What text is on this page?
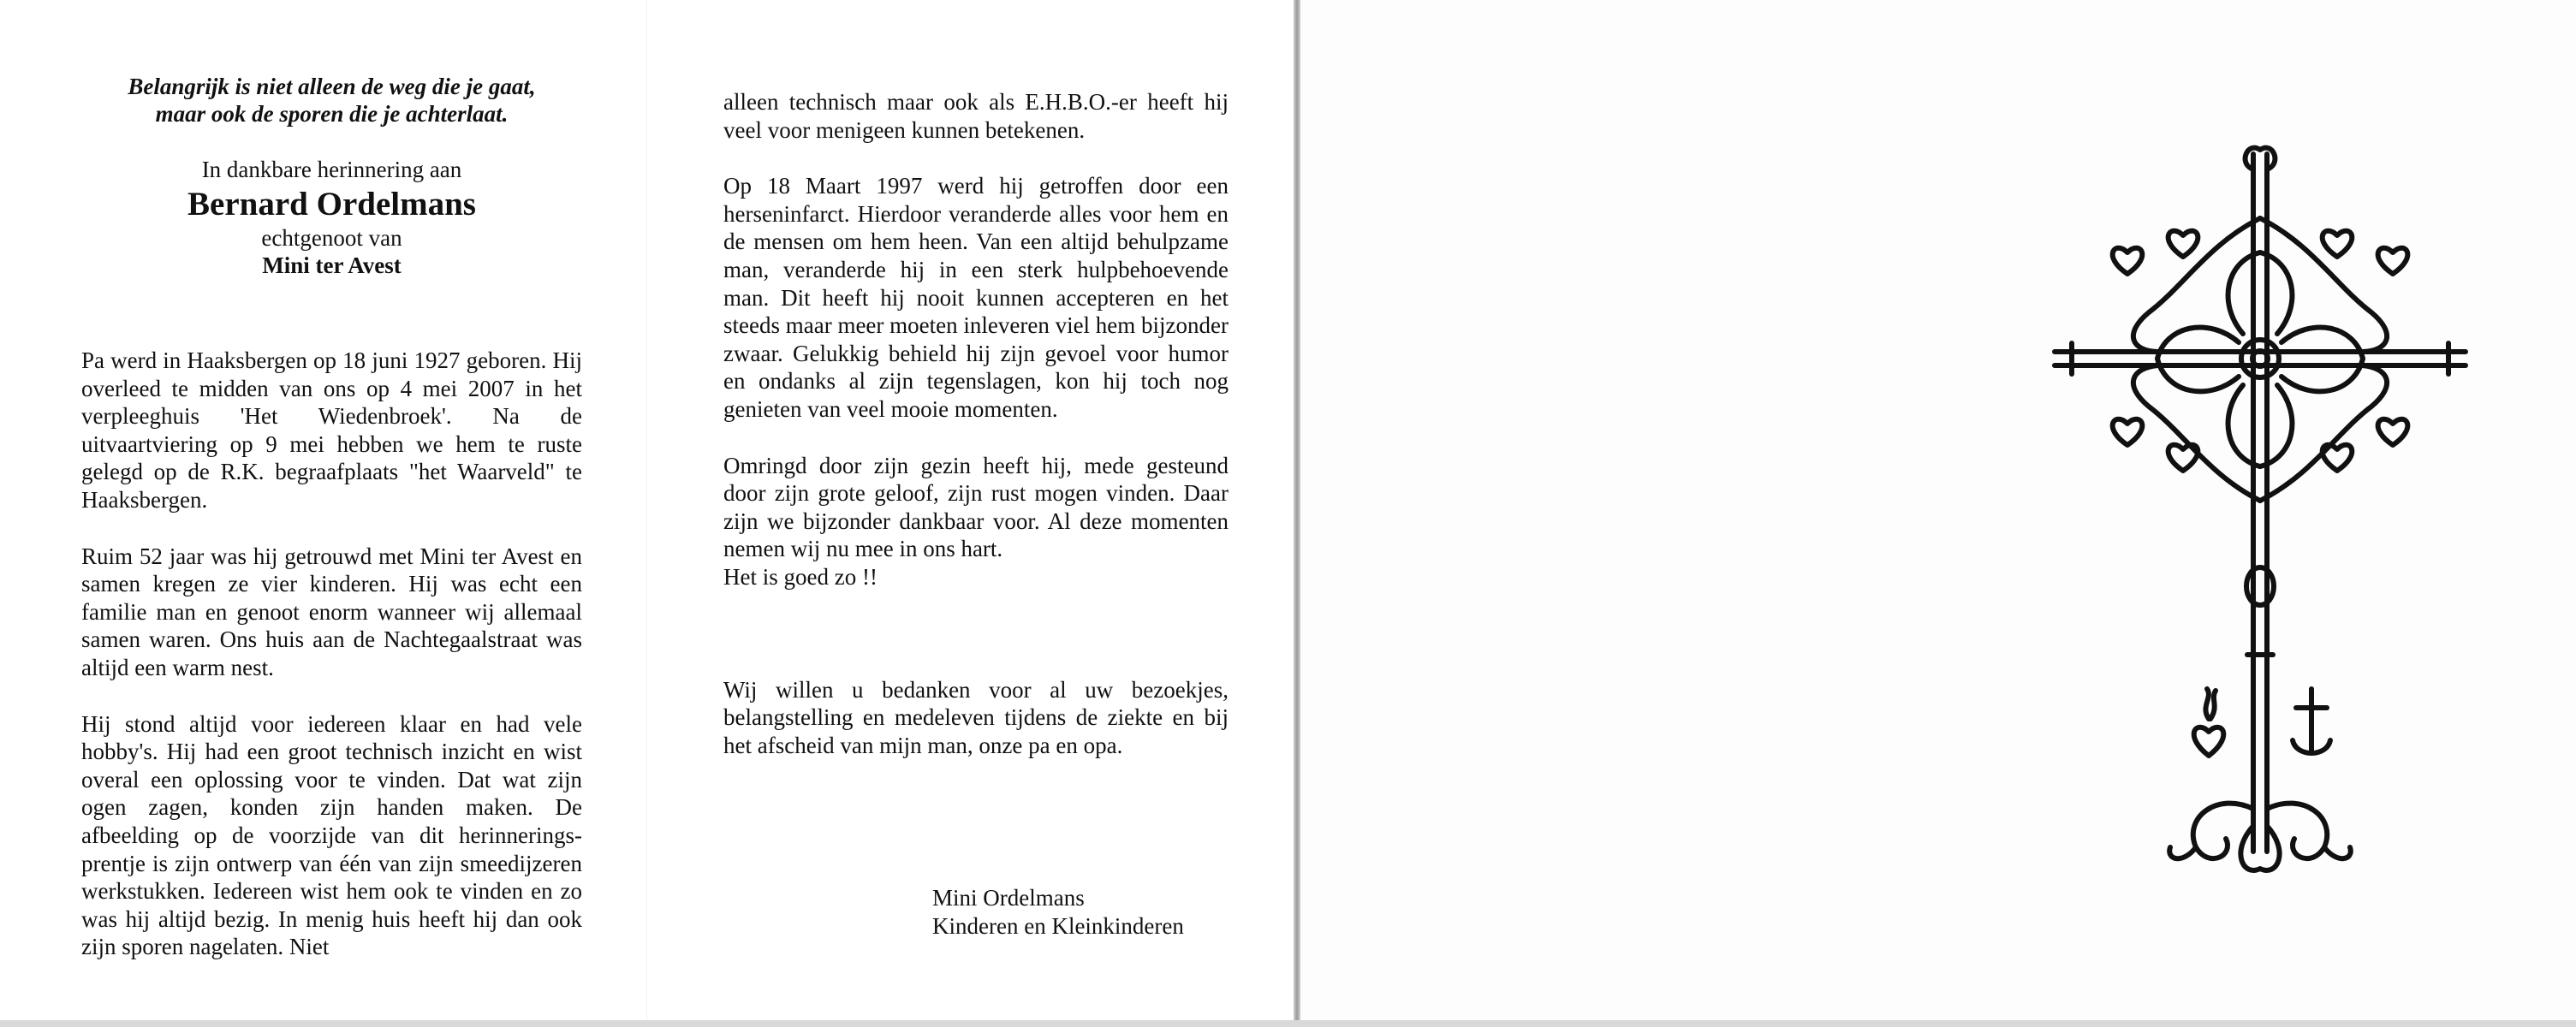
Belangrijk is niet alleen de weg die je gaat,

maar ook de sporen die je achterlaat.

In dankbare herinnering aan
Bernard Ordelmans
echtgenoot van
Mini ter Avest

Pa werd in Haaksbergen op 18 juni 1927 geboren. Hij overleed te midden van ons op 4 mei 2007 in het verpleeghuis 'Het Wiedenbroek'. Na de uitvaartviering op 9 mei hebben we hem te ruste gelegd op de R.K. begraafplaats "het Waarveld" te Haaksbergen.

Ruim 52 jaar was hij getrouwd met Mini ter Avest en samen kregen ze vier kinderen. Hij was echt een familie man en genoot enorm wanneer wij allemaal samen waren. Ons huis aan de Nachtegaalstraat was altijd een warm nest.

Hij stond altijd voor iedereen klaar en had vele hobby's. Hij had een groot technisch inzicht en wist overal een oplossing voor te vinden. Dat wat zijn ogen zagen, konden zijn handen maken. De afbeelding op de voorzijde van dit herinnerings-prentje is zijn ontwerp van één van zijn smeedijzeren werkstukken. Iedereen wist hem ook te vinden en zo was hij altijd bezig. In menig huis heeft hij dan ook zijn sporen nagelaten. Niet

alleen technisch maar ook als E.H.B.O.-er heeft hij veel voor menigeen kunnen betekenen.

Op 18 Maart 1997 werd hij getroffen door een herseninfarct. Hierdoor veranderde alles voor hem en de mensen om hem heen. Van een altijd behulpzame man, veranderde hij in een sterk hulpbehoevende man. Dit heeft hij nooit kunnen accepteren en het steeds maar meer moeten inleveren viel hem bijzonder zwaar. Gelukkig behield hij zijn gevoel voor humor en ondanks al zijn tegenslagen, kon hij toch nog genieten van veel mooie momenten.

Omringd door zijn gezin heeft hij, mede gesteund door zijn grote geloof, zijn rust mogen vinden. Daar zijn we bijzonder dankbaar voor. Al deze momenten nemen wij nu mee in ons hart.

Het is goed zo !!

Wij willen u bedanken voor al uw bezoekjes, belangstelling en medeleven tijdens de ziekte en bij het afscheid van mijn man, onze pa en opa.

Mini Ordelmans
Kinderen en Kleinkinderen
